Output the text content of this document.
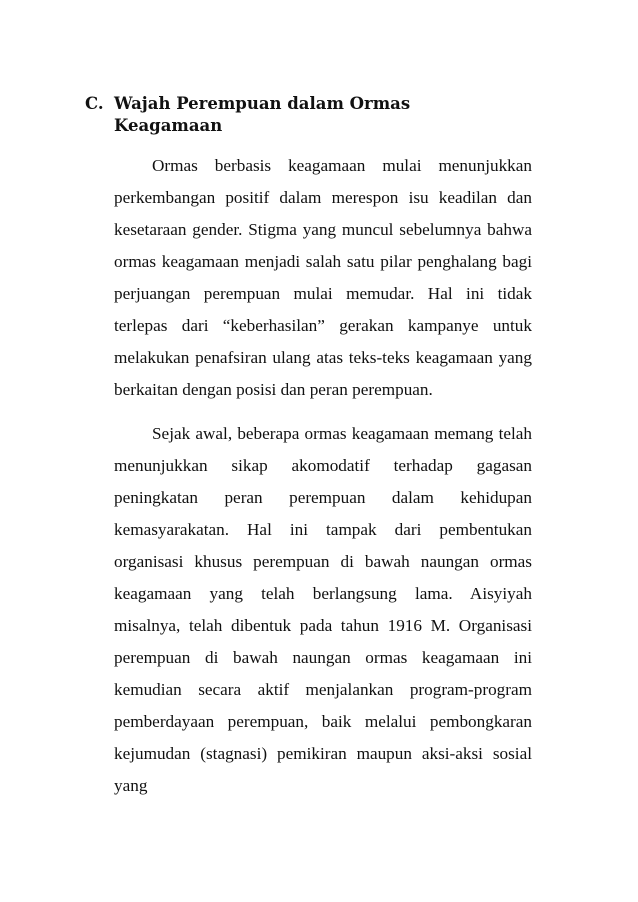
C. Wajah Perempuan dalam Ormas Keagamaan

Ormas berbasis keagamaan mulai menunjukkan perkembangan positif dalam merespon isu keadilan dan kesetaraan gender. Stigma yang muncul sebelumnya bahwa ormas keagamaan menjadi salah satu pilar penghalang bagi perjuangan perempuan mulai memudar. Hal ini tidak terlepas dari “keberhasilan” gerakan kampanye untuk melakukan penafsiran ulang atas teks-teks keagamaan yang berkaitan dengan posisi dan peran perempuan.

Sejak awal, beberapa ormas keagamaan memang telah menunjukkan sikap akomodatif terhadap gagasan peningkatan peran perempuan dalam kehidupan kemasyarakatan. Hal ini tampak dari pembentukan organisasi khusus perempuan di bawah naungan ormas keagamaan yang telah berlangsung lama. Aisyiyah misalnya, telah dibentuk pada tahun 1916 M. Organisasi perempuan di bawah naungan ormas keagamaan ini kemudian secara aktif menjalankan program-program pemberdayaan perempuan, baik melalui pembongkaran kejumudan (stagnasi) pemikiran maupun aksi-aksi sosial yang
